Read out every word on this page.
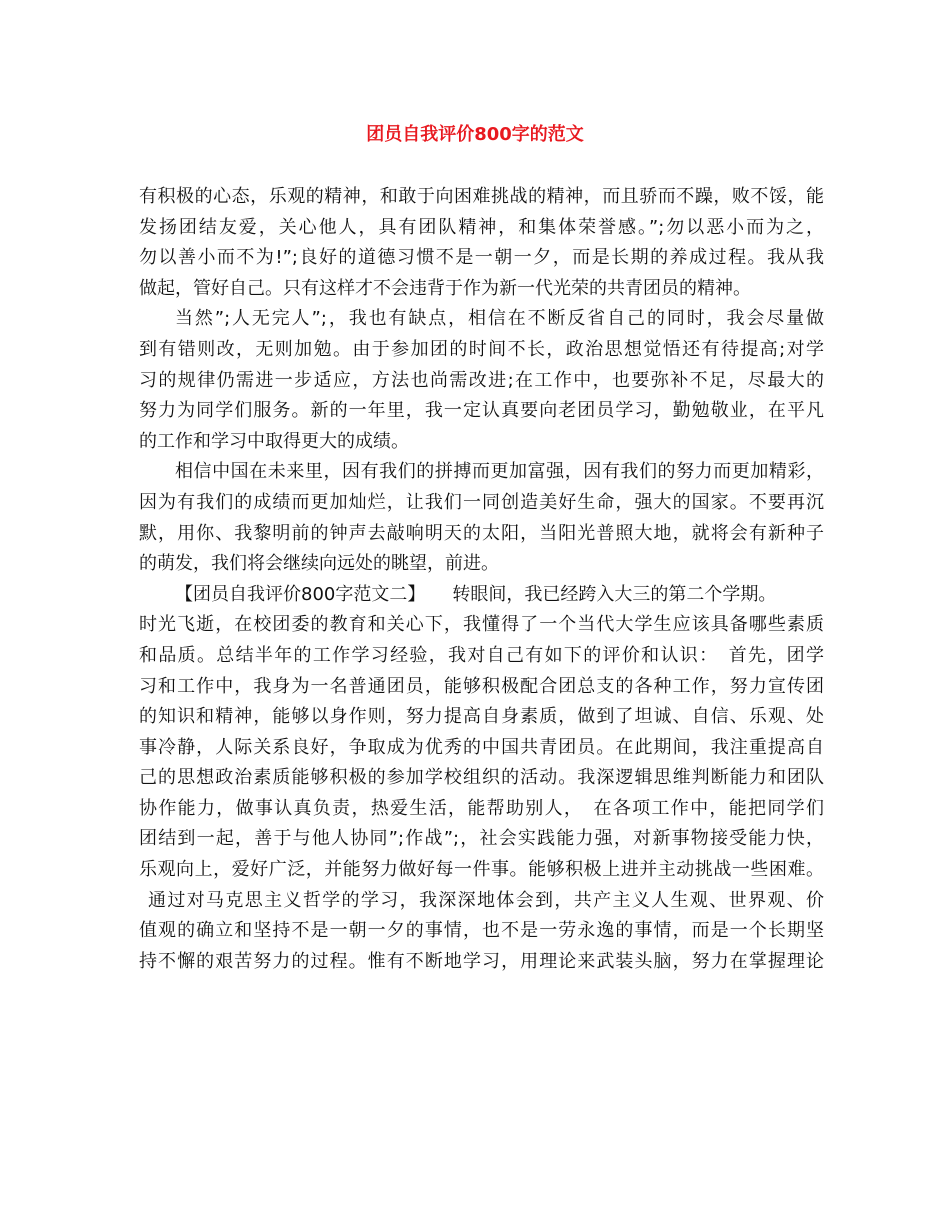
团员自我评价800字的范文
有积极的心态，乐观的精神，和敢于向困难挑战的精神，而且骄而不躁，败不馁，能
发扬团结友爱，关心他人，具有团队精神，和集体荣誉感。”;勿以恶小而为之，
勿以善小而不为!”;良好的道德习惯不是一朝一夕，而是长期的养成过程。我从我
做起，管好自己。只有这样才不会违背于作为新一代光荣的共青团员的精神。
当然”;人无完人”;，我也有缺点，相信在不断反省自己的同时，我会尽量做
到有错则改，无则加勉。由于参加团的时间不长，政治思想觉悟还有待提高;对学
习的规律仍需进一步适应，方法也尚需改进;在工作中，也要弥补不足，尽最大的
努力为同学们服务。新的一年里，我一定认真要向老团员学习，勤勉敬业，在平凡
的工作和学习中取得更大的成绩。
相信中国在未来里，因有我们的拼搏而更加富强，因有我们的努力而更加精彩，
因为有我们的成绩而更加灿烂，让我们一同创造美好生命，强大的国家。不要再沉
默，用你、我黎明前的钟声去敲响明天的太阳，当阳光普照大地，就将会有新种子
的萌发，我们将会继续向远处的眺望，前进。
【团员自我评价800字范文二】　　转眼间，我已经跨入大三的第二个学期。
时光飞逝，在校团委的教育和关心下，我懂得了一个当代大学生应该具备哪些素质
和品质。总结半年的工作学习经验，我对自己有如下的评价和认识：　首先，团学
习和工作中，我身为一名普通团员，能够积极配合团总支的各种工作，努力宣传团
的知识和精神，能够以身作则，努力提高自身素质，做到了坦诚、自信、乐观、处
事冷静，人际关系良好，争取成为优秀的中国共青团员。在此期间，我注重提高自
己的思想政治素质能够积极的参加学校组织的活动。我深逻辑思维判断能力和团队
协作能力，做事认真负责，热爱生活，能帮助别人，　在各项工作中，能把同学们
团结到一起，善于与他人协同”;作战”;，社会实践能力强，对新事物接受能力快，
乐观向上，爱好广泛，并能努力做好每一件事。能够积极上进并主动挑战一些困难。
通过对马克思主义哲学的学习，我深深地体会到，共产主义人生观、世界观、价
值观的确立和坚持不是一朝一夕的事情，也不是一劳永逸的事情，而是一个长期坚
持不懈的艰苦努力的过程。惟有不断地学习，用理论来武装头脑，努力在掌握理论
